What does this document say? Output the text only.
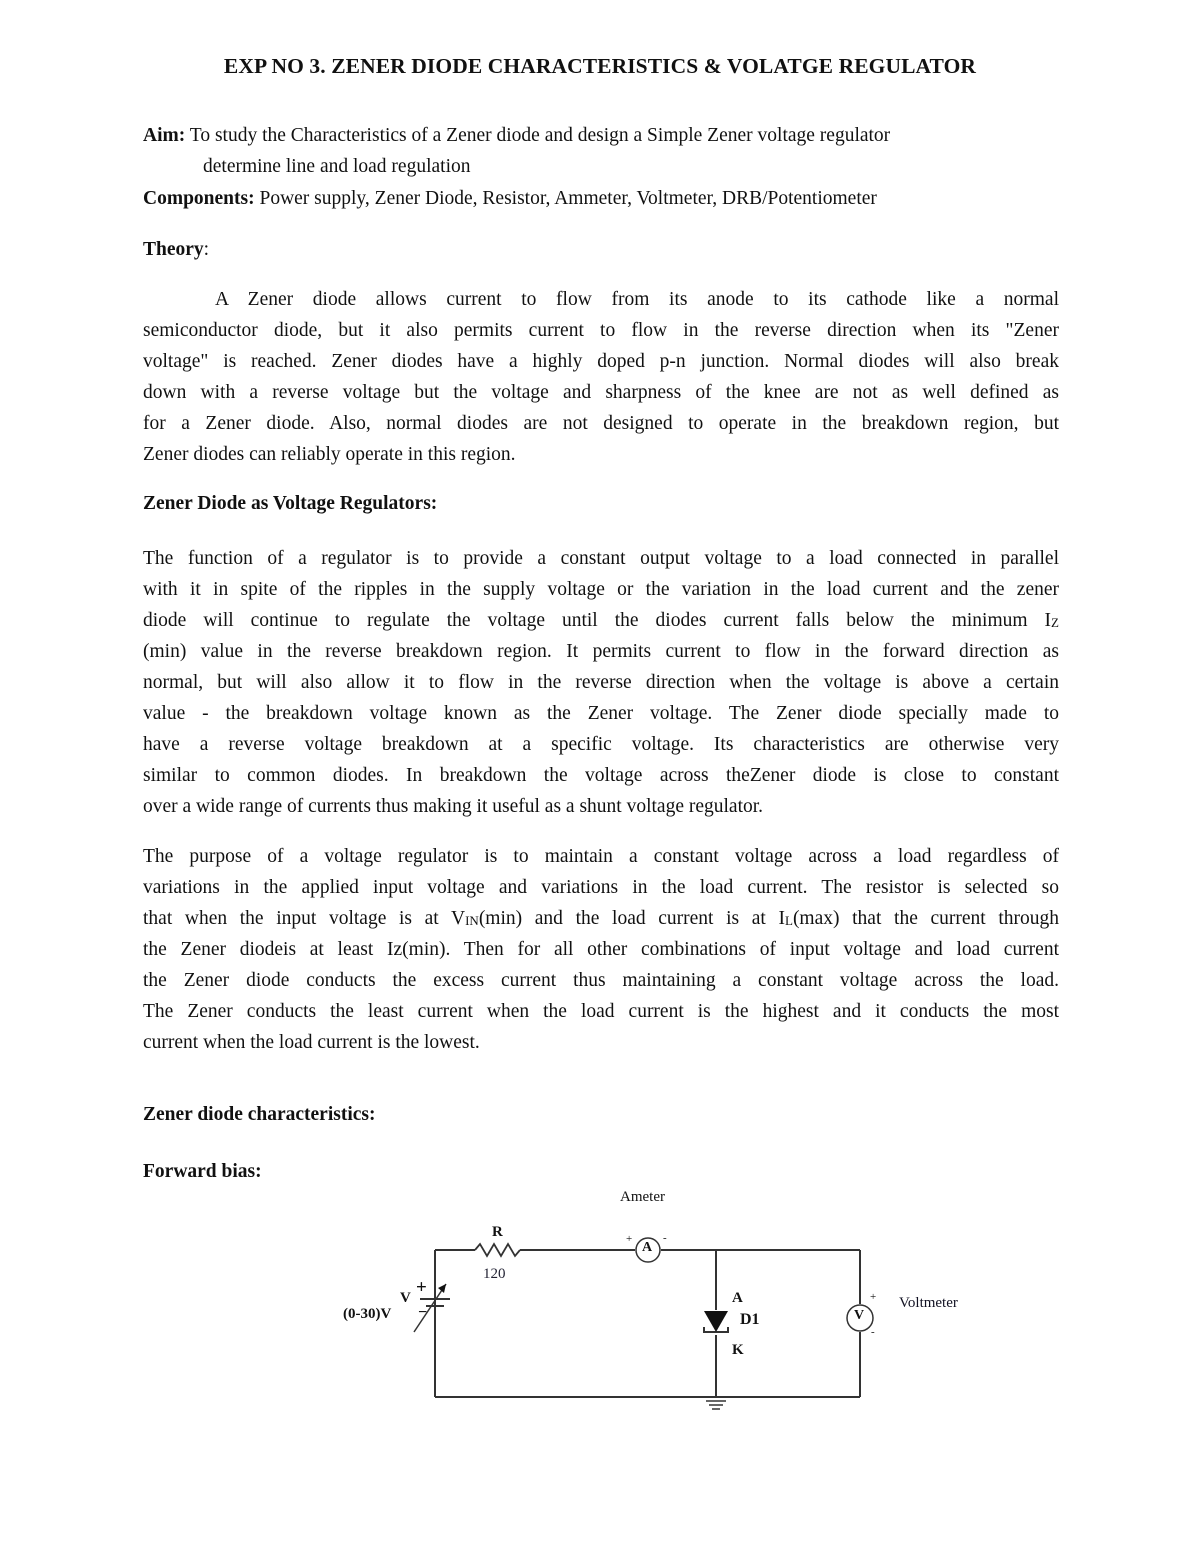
EXP NO 3. ZENER DIODE CHARACTERISTICS & VOLATGE REGULATOR
Aim: To study the Characteristics of a Zener diode and design a Simple Zener voltage regulator
determine line and load regulation
Components: Power supply, Zener Diode, Resistor, Ammeter, Voltmeter, DRB/Potentiometer
Theory:
A Zener diode allows current to flow from its anode to its cathode like a normal
semiconductor diode, but it also permits current to flow in the reverse direction when its "Zener
voltage" is reached. Zener diodes have a highly doped p-n junction. Normal diodes will also break
down with a reverse voltage but the voltage and sharpness of the knee are not as well defined as
for a Zener diode. Also, normal diodes are not designed to operate in the breakdown region, but
Zener diodes can reliably operate in this region.
Zener Diode as Voltage Regulators:
The function of a regulator is to provide a constant output voltage to a load connected in parallel
with it in spite of the ripples in the supply voltage or the variation in the load current and the zener
diode will continue to regulate the voltage until the diodes current falls below the minimum $I_Z$
(min) value in the reverse breakdown region. It permits current to flow in the forward direction as
normal, but will also allow it to flow in the reverse direction when the voltage is above a certain
value - the breakdown voltage known as the Zener voltage. The Zener diode specially made to
have a reverse voltage breakdown at a specific voltage. Its characteristics are otherwise very
similar to common diodes. In breakdown the voltage across theZener diode is close to constant
over a wide range of currents thus making it useful as a shunt voltage regulator.
The purpose of a voltage regulator is to maintain a constant voltage across a load regardless of
variations in the applied input voltage and variations in the load current. The resistor is selected so
that when the input voltage is at $V_{IN}(\min)$ and the load current is at $I_L(\max)$ that the current through
the Zener diodeis at least Iz(min). Then for all other combinations of input voltage and load current
the Zener diode conducts the excess current thus maintaining a constant voltage across the load.
The Zener conducts the least current when the load current is the highest and it conducts the most
current when the load current is the lowest.
Zener diode characteristics:
Forward bias:
Ameter
A
+	-
R
120
+
V
(0-30)V −
A
D1
K
V
+
-
Voltmeter
